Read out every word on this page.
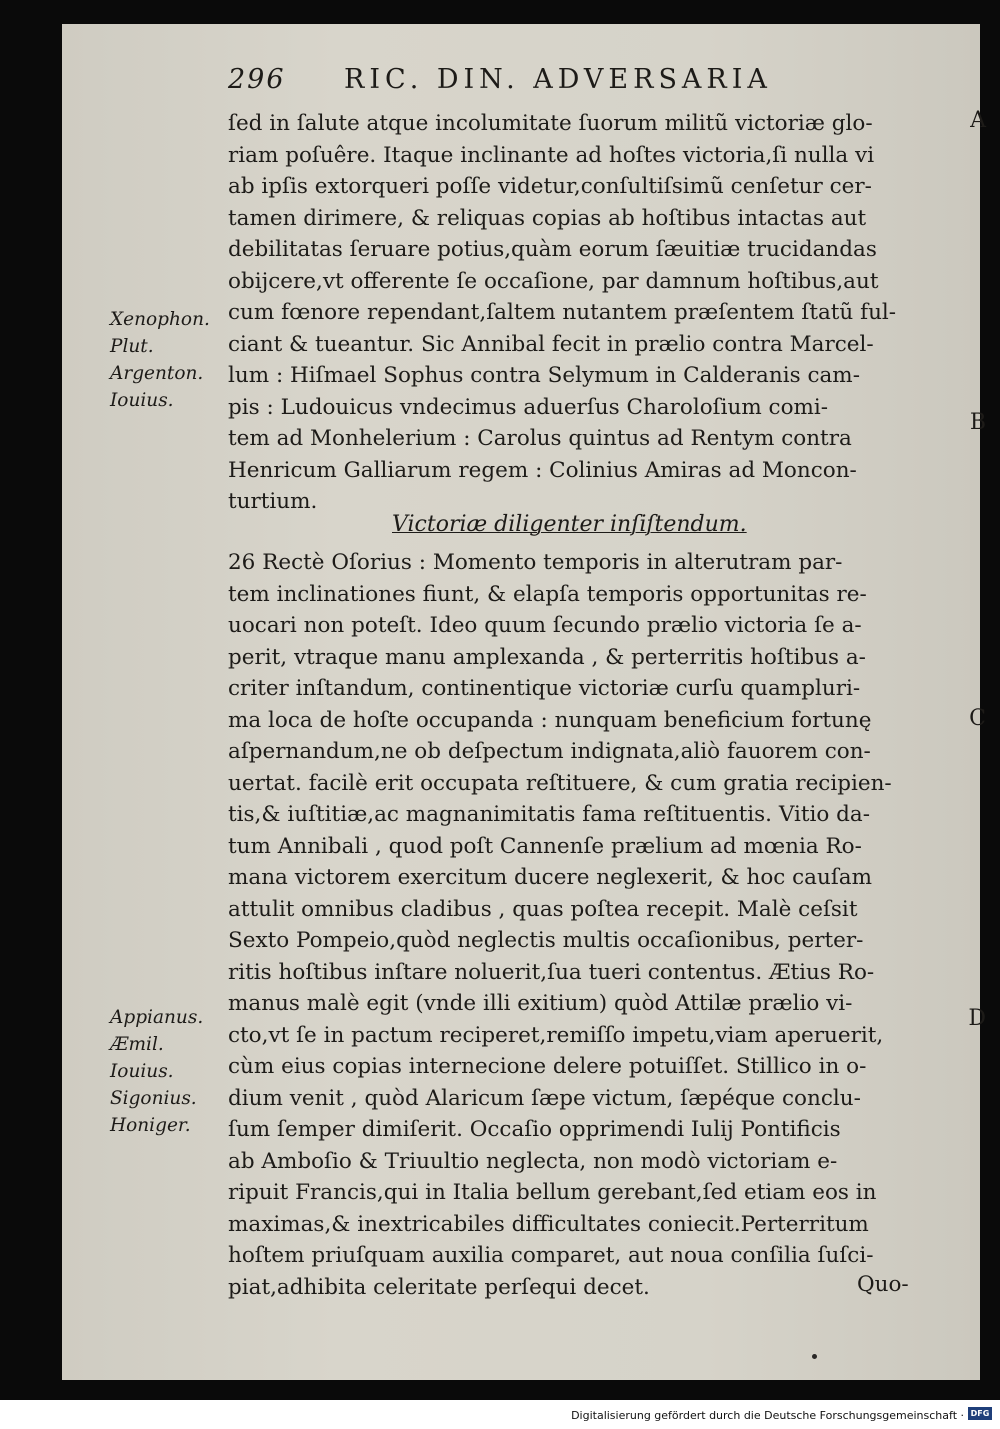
296 RIC. DIN. ADVERSARIA
ſed in ſalute atque incolumitate ſuorum militũ victoriæ glo-
riam poſuêre. Itaque inclinante ad hoſtes victoria,ſi nulla vi
ab ipſis extorqueri poſſe videtur,conſultiſsimũ cenſetur cer-
tamen dirimere, & reliquas copias ab hoſtibus intactas aut
debilitatas ſeruare potius,quàm eorum ſæuitiæ trucidandas
obijcere,vt offerente ſe occaſione, par damnum hoſtibus,aut
cum fœnore rependant,ſaltem nutantem præſentem ſtatũ ful-
ciant & tueantur. Sic Annibal fecit in prælio contra Marcel-
lum : Hiſmael Sophus contra Selymum in Calderanis cam-
pis : Ludouicus vndecimus aduerſus Charoloſium comi-
tem ad Monhelerium : Carolus quintus ad Rentym contra
Henricum Galliarum regem : Colinius Amiras ad Moncon-
turtium.
Victoriæ diligenter inſiſtendum.
26 Rectè Oſorius : Momento temporis in alterutram par-
tem inclinationes fiunt, & elapſa temporis opportunitas re-
uocari non poteſt. Ideo quum ſecundo prælio victoria ſe a-
perit, vtraque manu amplexanda , & perterritis hoſtibus a-
criter inſtandum, continentique victoriæ curſu quampluri-
ma loca de hoſte occupanda : nunquam beneficium fortunę
aſpernandum,ne ob deſpectum indignata,aliò fauorem con-
uertat. facilè erit occupata reſtituere, & cum gratia recipien-
tis,& iuſtitiæ,ac magnanimitatis fama reſtituentis. Vitio da-
tum Annibali , quod poſt Cannenſe prælium ad mœnia Ro-
mana victorem exercitum ducere neglexerit, & hoc cauſam
attulit omnibus cladibus , quas poſtea recepit. Malè ceſsit
Sexto Pompeio,quòd neglectis multis occaſionibus, perter-
ritis hoſtibus inſtare noluerit,ſua tueri contentus. Ætius Ro-
manus malè egit (vnde illi exitium) quòd Attilæ prælio vi-
cto,vt ſe in pactum reciperet,remiſſo impetu,viam aperuerit,
cùm eius copias internecione delere potuiſſet. Stillico in o-
dium venit , quòd Alaricum ſæpe victum, ſæpéque conclu-
ſum ſemper dimiſerit. Occaſio opprimendi Iulij Pontificis
ab Amboſio & Triuultio neglecta, non modò victoriam e-
ripuit Francis,qui in Italia bellum gerebant,ſed etiam eos in
maximas,& inextricabiles difficultates coniecit.Perterritum
hoſtem priuſquam auxilia comparet, aut noua conſilia ſuſci-
piat,adhibita celeritate perſequi decet.
Xenophon.
Plut.
Argenton.
Iouius.
Appianus.
Æmil.
Iouius.
Sigonius.
Honiger.
A
B
C
D
Quo-
Digitalisierung gefördert durch die Deutsche Forschungsgemeinschaft · DFG
